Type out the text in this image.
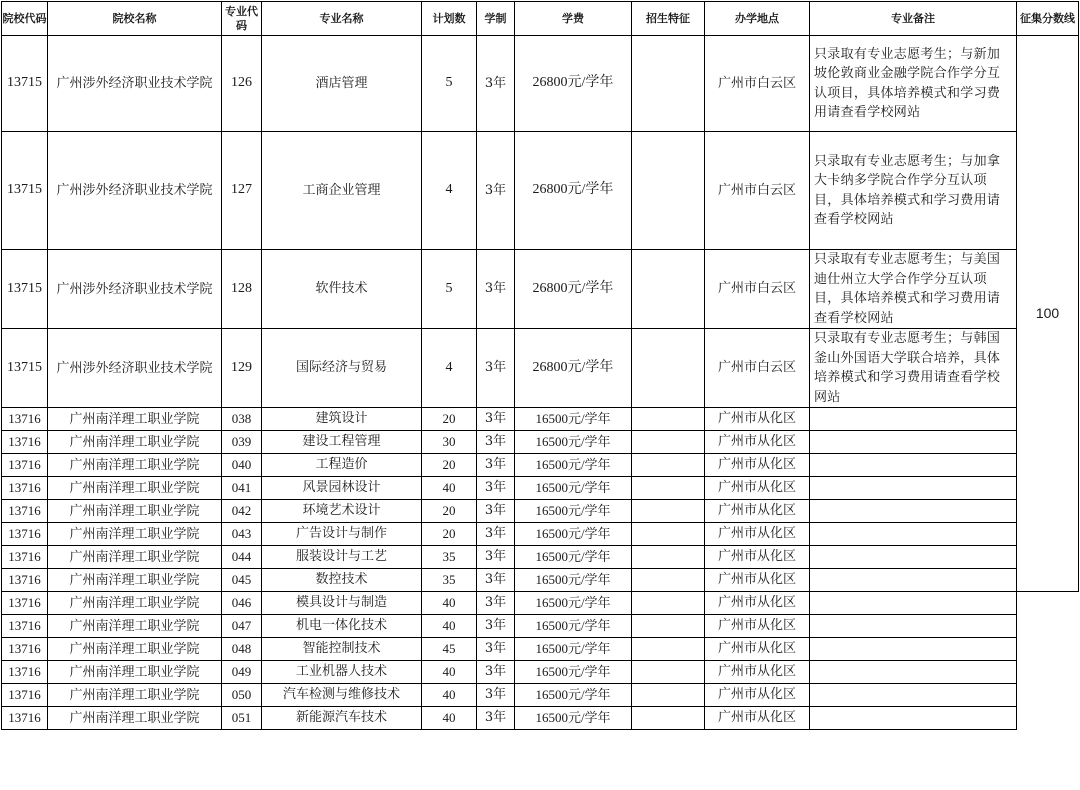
院校代码	院校名称	专业代码	专业名称	计划数	学制	学费	招生特征	办学地点	专业备注	征集分数线
13715	广州涉外经济职业技术学院	126	酒店管理	5	3年	26800元/学年		广州市白云区	只录取有专业志愿考生；与新加坡伦敦商业金融学院合作学分互认项目，具体培养模式和学习费用请查看学校网站	100
13715	广州涉外经济职业技术学院	127	工商企业管理	4	3年	26800元/学年		广州市白云区	只录取有专业志愿考生；与加拿大卡纳多学院合作学分互认项目，具体培养模式和学习费用请查看学校网站	
13715	广州涉外经济职业技术学院	128	软件技术	5	3年	26800元/学年		广州市白云区	只录取有专业志愿考生；与美国迪仕州立大学合作学分互认项目，具体培养模式和学习费用请查看学校网站	
13715	广州涉外经济职业技术学院	129	国际经济与贸易	4	3年	26800元/学年		广州市白云区	只录取有专业志愿考生；与韩国釜山外国语大学联合培养，具体培养模式和学习费用请查看学校网站	
13716	广州南洋理工职业学院	038	建筑设计	20	3年	16500元/学年		广州市从化区		
13716	广州南洋理工职业学院	039	建设工程管理	30	3年	16500元/学年		广州市从化区		
13716	广州南洋理工职业学院	040	工程造价	20	3年	16500元/学年		广州市从化区		
13716	广州南洋理工职业学院	041	风景园林设计	40	3年	16500元/学年		广州市从化区		
13716	广州南洋理工职业学院	042	环境艺术设计	20	3年	16500元/学年		广州市从化区		
13716	广州南洋理工职业学院	043	广告设计与制作	20	3年	16500元/学年		广州市从化区		
13716	广州南洋理工职业学院	044	服装设计与工艺	35	3年	16500元/学年		广州市从化区		
13716	广州南洋理工职业学院	045	数控技术	35	3年	16500元/学年		广州市从化区		
13716	广州南洋理工职业学院	046	模具设计与制造	40	3年	16500元/学年		广州市从化区		
13716	广州南洋理工职业学院	047	机电一体化技术	40	3年	16500元/学年		广州市从化区		
13716	广州南洋理工职业学院	048	智能控制技术	45	3年	16500元/学年		广州市从化区		
13716	广州南洋理工职业学院	049	工业机器人技术	40	3年	16500元/学年		广州市从化区		
13716	广州南洋理工职业学院	050	汽车检测与维修技术	40	3年	16500元/学年		广州市从化区		
13716	广州南洋理工职业学院	051	新能源汽车技术	40	3年	16500元/学年		广州市从化区		
